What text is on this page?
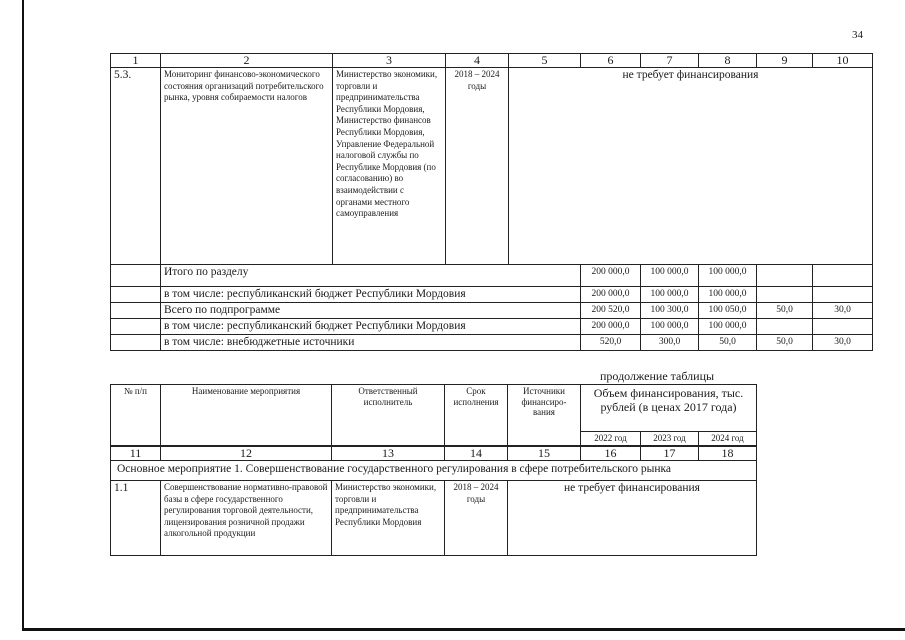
34
1	2	3	4	5	6	7	8	9	10
5.3.	Мониторинг финансово-экономического состояния организаций потребительского рынка, уровня собираемости налогов	Министерство экономики, торговли и предпринимательства Республики Мордовия, Министерство финансов Республики Мордовия, Управление Федеральной налоговой службы по Республике Мордовия (по согласованию) во взаимодействии с органами местного самоуправления	2018 – 2024 годы	не требует финансирования					
	Итого по разделу				200 000,0	100 000,0	100 000,0		
	в том числе: республиканский бюджет Республики Мордовия				200 000,0	100 000,0	100 000,0		
	Всего по подпрограмме				200 520,0	100 300,0	100 050,0	50,0	30,0
	в том числе: республиканский бюджет Республики Мордовия				200 000,0	100 000,0	100 000,0		
	в том числе: внебюджетные источники				520,0	300,0	50,0	50,0	30,0
продолжение таблицы
№ п/п	Наименование мероприятия	Ответственный исполнитель	Срок исполнения	Источники финансиро-вания	Объем финансирования, тыс. рублей (в ценах 2017 года)		
					2022 год	2023 год	2024 год
11	12	13	14	15	16	17	18
Основное мероприятие 1. Совершенствование государственного регулирования в сфере потребительского рынка							
1.1	Совершенствование нормативно-правовой базы в сфере государственного регулирования торговой деятельности, лицензирования розничной продажи алкогольной продукции	Министерство экономики, торговли и предпринимательства Республики Мордовия	2018 – 2024 годы	не требует финансирования			
